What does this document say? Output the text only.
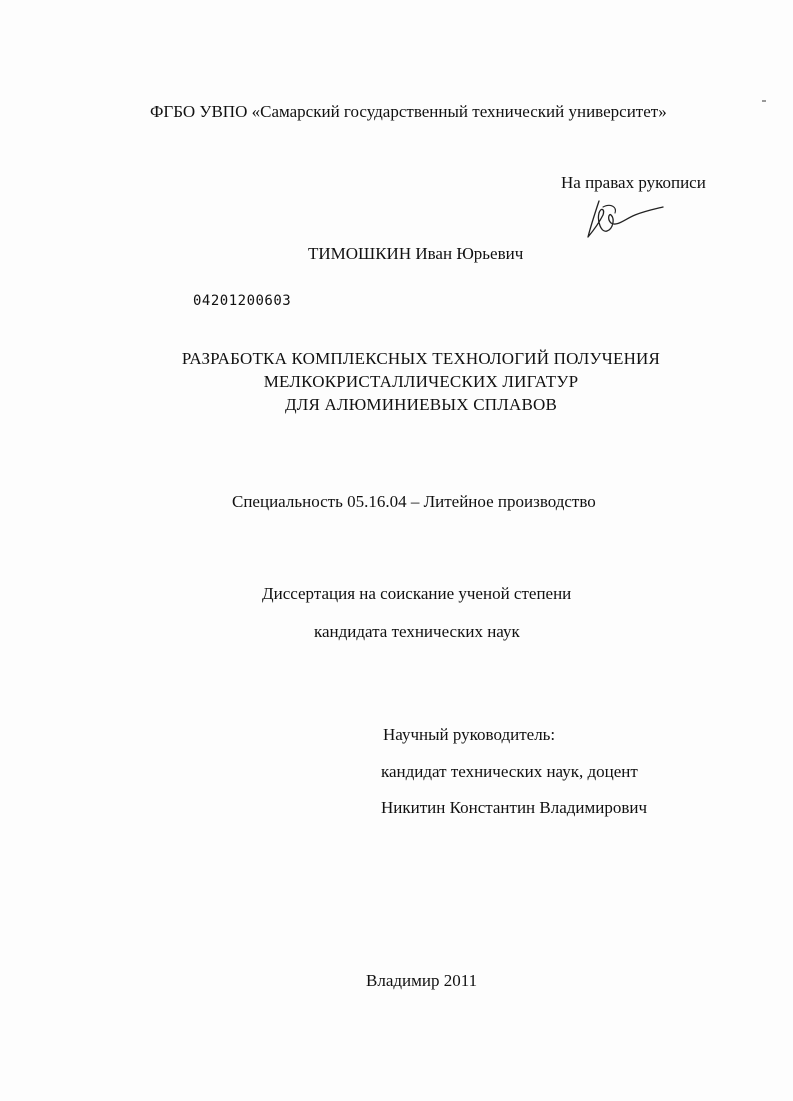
ФГБО УВПО «Самарский государственный технический университет»
На правах рукописи
ТИМОШКИН Иван Юрьевич
04201200603
РАЗРАБОТКА КОМПЛЕКСНЫХ ТЕХНОЛОГИЙ ПОЛУЧЕНИЯ
МЕЛКОКРИСТАЛЛИЧЕСКИХ ЛИГАТУР
ДЛЯ АЛЮМИНИЕВЫХ СПЛАВОВ
Специальность 05.16.04 – Литейное производство
Диссертация на соискание ученой степени
кандидата технических наук
Научный руководитель:
кандидат технических наук, доцент
Никитин Константин Владимирович
Владимир 2011
